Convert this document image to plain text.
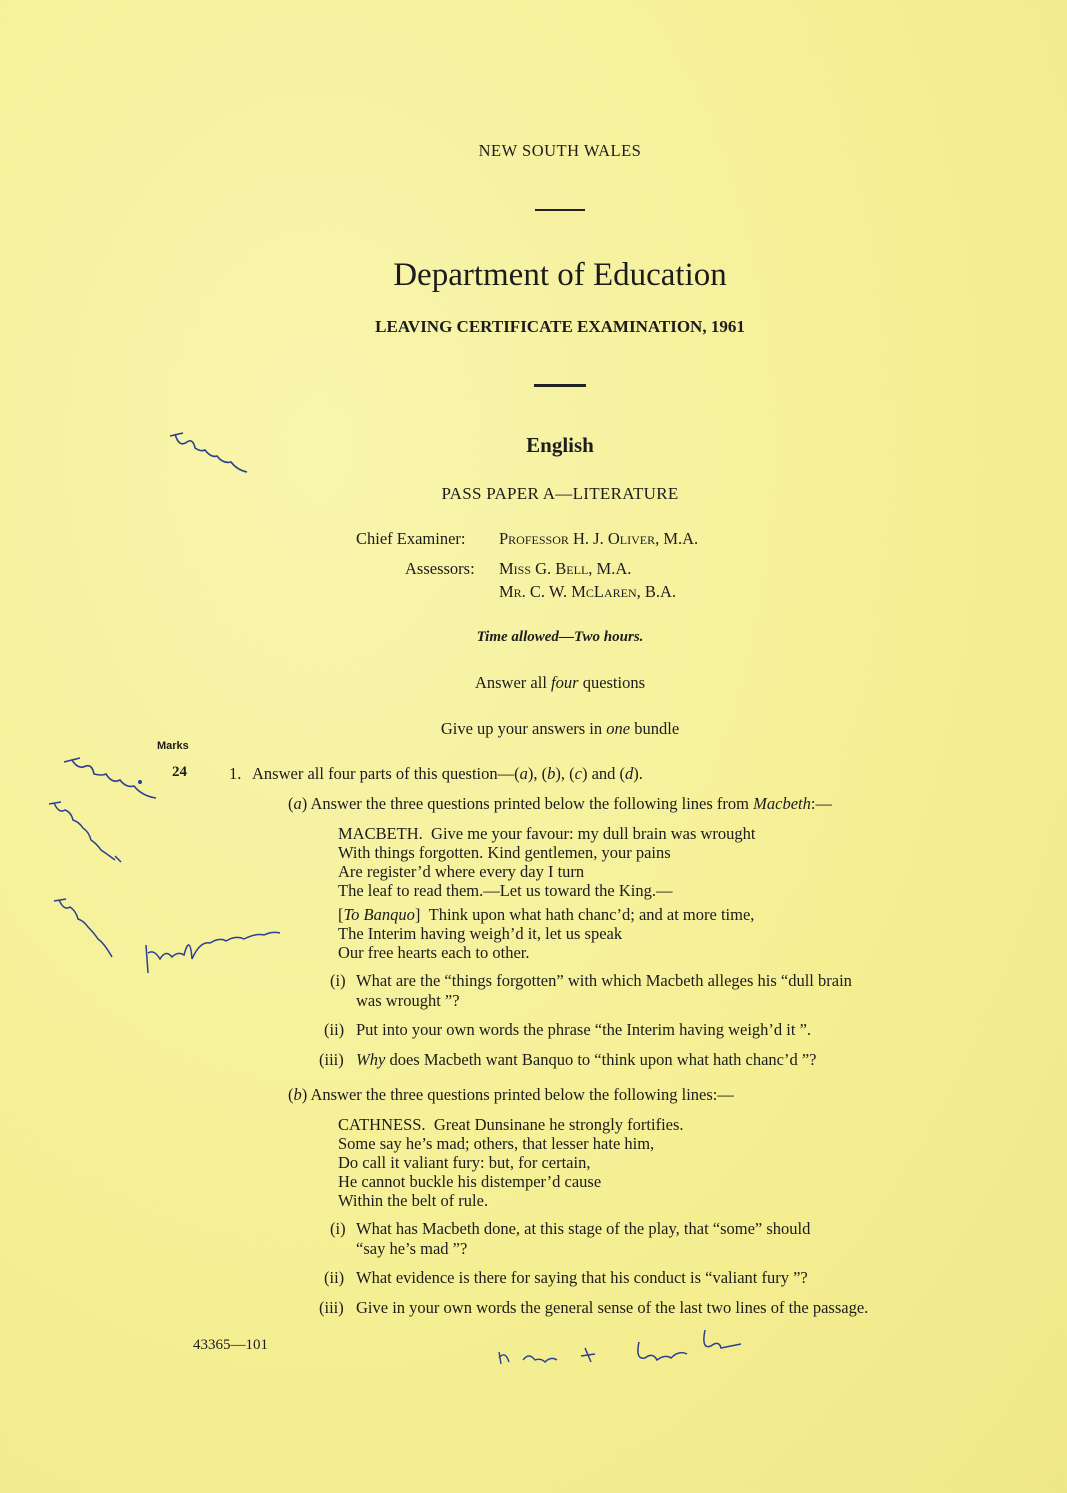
NEW SOUTH WALES
Department of Education
LEAVING CERTIFICATE EXAMINATION, 1961
English
PASS PAPER A—LITERATURE
Chief Examiner: Professor H. J. Oliver, M.A.
Assessors: Miss G. Bell, M.A.
Mr. C. W. McLaren, B.A.
Time allowed—Two hours.
Answer all four questions
Give up your answers in one bundle
Marks
24	1. Answer all four parts of this question—(a), (b), (c) and (d).
(a) Answer the three questions printed below the following lines from Macbeth:—
MACBETH. Give me your favour: my dull brain was wrought
With things forgotten. Kind gentlemen, your pains
Are register’d where every day I turn
The leaf to read them.—Let us toward the King.—
[To Banquo] Think upon what hath chanc’d; and at more time,
The Interim having weigh’d it, let us speak
Our free hearts each to other.
(i) What are the “things forgotten” with which Macbeth alleges his “dull brain
was wrought ”?
(ii) Put into your own words the phrase “the Interim having weigh’d it ”.
(iii) Why does Macbeth want Banquo to “think upon what hath chanc’d ”?
(b) Answer the three questions printed below the following lines:—
CATHNESS. Great Dunsinane he strongly fortifies.
Some say he’s mad; others, that lesser hate him,
Do call it valiant fury: but, for certain,
He cannot buckle his distemper’d cause
Within the belt of rule.
(i) What has Macbeth done, at this stage of the play, that “some” should
“say he’s mad ”?
(ii) What evidence is there for saying that his conduct is “valiant fury ”?
(iii) Give in your own words the general sense of the last two lines of the passage.
43365—101
